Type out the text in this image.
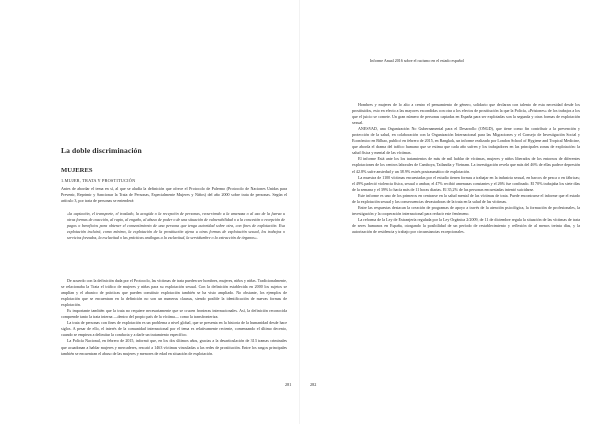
La doble discriminación
MUJERES
1.MUJER, TRATA Y PROSTITUCIÓN

Antes de abordar el tema en sí, al que se aludía la definición que ofrece el Protocolo de Palermo (Protocolo de Naciones Unidas para Prevenir, Reprimir y Sancionar la Trata de Personas, Especialmente Mujeres y Niños) del año 2000 sobre trata de personas. Según el artículo 3, por trata de personas se entenderá:

«la captación, el transporte, el traslado, la acogida o la recepción de personas, recurriendo a la amenaza o al uso de la fuerza u otras formas de coacción, al rapto, al engaño, al abuso de poder o de una situación de vulnerabilidad o a la concesión o recepción de pagos o beneficios para obtener el consentimiento de una persona que tenga autoridad sobre otra, con fines de explotación. Esa explotación incluirá, como mínimo, la explotación de la prostitución ajena u otras formas de explotación sexual, los trabajos o servicios forzados, la esclavitud o las prácticas análogas a la esclavitud, la servidumbre o la extracción de órganos».

De acuerdo con la definición dada por el Protocolo, las víctimas de trata pueden ser hombres, mujeres, niños y niñas. Tradicionalmente, se relacionaba la Trata el tráfico de mujeres y niñas para su explotación sexual. Con la definición establecida en 2000 los sujetos se amplían y el abanico de prácticas que pueden constituir explotación también se ha visto ampliado. No obstante, los ejemplos de explotación que se encuentran en la definición no son un numerus clausus, siendo posible la identificación de nuevas formas de explotación.

Es importante también que la trata no requiere necesariamente que se crucen fronteras internacionales. Así, la definición reconocida comprende tanto la trata interna —dentro del propio país de la víctima— como la transfronteriza.

La trata de personas con fines de explotación es un problema a nivel global, que se presenta en la historia de la humanidad desde hace siglos. A pesar de ello, el interés de la comunidad internacional por el tema es relativamente reciente, comenzando el último decenio, cuando se empieza a delimitar la conducta y a darle un tratamiento específico.

La Policía Nacional, en febrero de 2015, informó que, en los dos últimos años, gracias a la desarticulación de 313 tramas criminales que acuadonan a hablar mujeres y mercaderes, rescató a 1463 víctimas vinculadas a las redes de prostitución. Entre los rasgos principales también se encuentran el abuso de las mujeres y menores de edad en situación de explotación.

281
Informe Anual 2016 sobre el racismo en el estado español

Hombres y mujeres de lo alto a centro el pensamiento de género, solidario que declaran con talento de esta necesidad desde los prostituidos, esto en efecto a las mayores escondidas con otra a los efectos de prostitución la que la Policía, «Prisiones» de los trabajos a los que el juicio se comete. Un gran número de personas captadas en España para ser explotadas son la segunda y otras formas de explotación sexual.

ANESVAD, una Organización No Gubernamental para el Desarrollo (ONGD), que tiene como fin contribuir a la prevención y protección de la salud, en colaboración con la Organización Internacional para las Migraciones y el Consejo de Investigación Social y Económico en Bilbao, publicó en febrero de 2015, en Bangkok, un informe realizado por London School of Hygiene and Tropical Medicine, que aborda el drama del tráfico humano que se estima que cada año sufren y los trabajadores en las principales zonas de explotación: la salud física y mental de las víctimas.

El informe Está ante los los tratamientos de más de mil hablar de víctimas, mujeres y niños liberados de los entornos de diferentes explotaciones de los centros laborales de Camboya, Tailandia y Vietnam. La investigación revela que más del 46% de ellas padece depresión el 42.8% sufre ansiedad y un 38.9% estrés postraumático de explotación.

La muestra de 1100 víctimas encuestadas por el estudio tienen formas a trabajar en la industria sexual, en barcos de pesca o en fábricas; el 49% padeció violencia física, sexual o ambas; el 47% recibió amenazas constantes y el 26% fue confinado. El 70% trabajaba los siete días de la semana y el 39% lo hacía más de 11 horas diarias. El 35,2% de las personas encuestadas intentó suicidarse.

Este informe es uno de los primeros en centrarse en la salud mental de las víctimas de trata. Puede encontrarse el informe que el estado de la explotación sexual y las consecuencias devastadoras de la trata en la salud de las víctimas.

Entre las respuestas destacan la creación de programas de apoyo a través de la atención psicológica, la formación de profesionales, la investigación y la cooperación internacional para reducir este fenómeno.

La reforma de la Ley de Extranjería regulada por la Ley Orgánica 2/2009, de 11 de diciembre regula la situación de las víctimas de trata de seres humanos en España, otorgando la posibilidad de un período de restablecimiento y reflexión de al menos treinta días, y la autorización de residencia y trabajo por circunstancias excepcionales.

282
